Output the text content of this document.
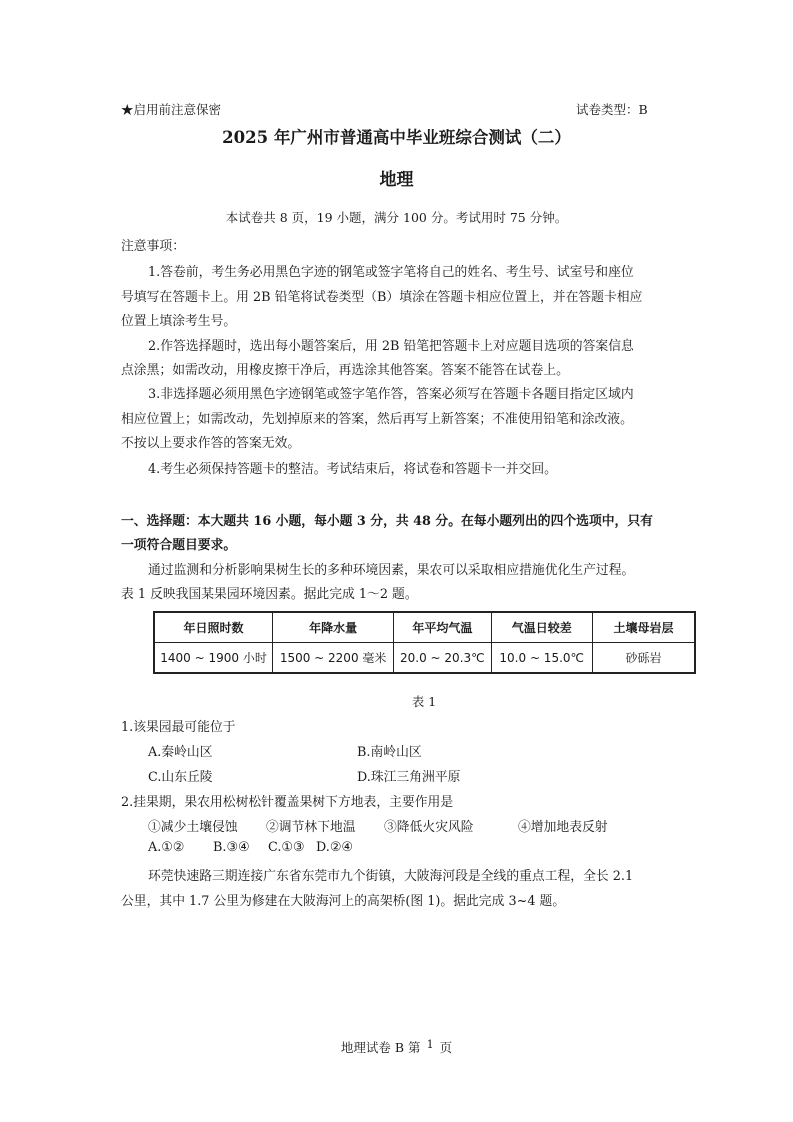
★启用前注意保密	试卷类型：B
2025 年广州市普通高中毕业班综合测试（二）
地理
本试卷共 8 页，19 小题，满分 100 分。考试用时 75 分钟。
注意事项：
1.答卷前，考生务必用黑色字迹的钢笔或签字笔将自己的姓名、考生号、试室号和座位
号填写在答题卡上。用 2B 铅笔将试卷类型（B）填涂在答题卡相应位置上，并在答题卡相应
位置上填涂考生号。
2.作答选择题时，选出每小题答案后，用 2B 铅笔把答题卡上对应题目选项的答案信息
点涂黑；如需改动，用橡皮擦干净后，再选涂其他答案。答案不能答在试卷上。
3.非选择题必须用黑色字迹钢笔或签字笔作答，答案必须写在答题卡各题目指定区域内
相应位置上；如需改动，先划掉原来的答案，然后再写上新答案；不准使用铅笔和涂改液。
不按以上要求作答的答案无效。
4.考生必须保持答题卡的整洁。考试结束后，将试卷和答题卡一并交回。
一、选择题：本大题共 16 小题，每小题 3 分，共 48 分。在每小题列出的四个选项中，只有
一项符合题目要求。
通过监测和分析影响果树生长的多种环境因素，果农可以采取相应措施优化生产过程。
表 1 反映我国某果园环境因素。据此完成 1～2 题。
年日照时数	年降水量	年平均气温	气温日较差	土壤母岩层
1400 ~ 1900 小时	1500 ~ 2200 毫米	20.0 ~ 20.3℃	10.0 ~ 15.0℃	砂砾岩
表 1
1.该果园最可能位于
A.秦岭山区	B.南岭山区
C.山东丘陵	D.珠江三角洲平原
2.挂果期，果农用松树松针覆盖果树下方地表，主要作用是
①减少土壤侵蚀 ②调节林下地温 ③降低火灾风险	④增加地表反射
A.①② B.③④ C.①③ D.②④
环莞快速路三期连接广东省东莞市九个街镇，大陂海河段是全线的重点工程，全长 2.1
公里，其中 1.7 公里为修建在大陂海河上的高架桥(图 1)。据此完成 3~4 题。
地理试卷 B 第 1 页
